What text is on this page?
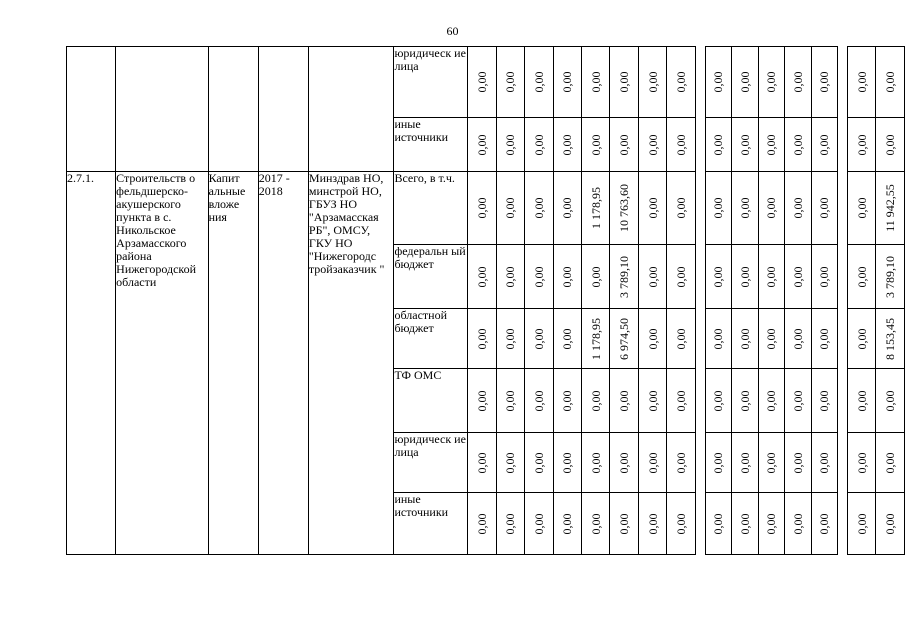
60
					юридическ ие лица	0,00	0,00	0,00	0,00	0,00	0,00	0,00	0,00		0,00	0,00	0,00	0,00	0,00		0,00	0,00

					иные источники	0,00	0,00	0,00	0,00	0,00	0,00	0,00	0,00		0,00	0,00	0,00	0,00	0,00		0,00	0,00

2.7.1.	Строительств о фельдшерско-акушерского пункта в с. Никольское Арзамасского района Нижегородской области	Капит альные вложе ния	2017 - 2018	Минздрав НО, минстрой НО, ГБУЗ НО "Арзамасская РБ", ОМСУ, ГКУ НО "Нижегородс тройзаказчик "	Всего, в т.ч.	0,00	0,00	0,00	0,00	1 178,95	10 763,60	0,00	0,00		0,00	0,00	0,00	0,00	0,00		0,00	11 942,55

					федеральн ый бюджет	0,00	0,00	0,00	0,00	0,00	3 789,10	0,00	0,00		0,00	0,00	0,00	0,00	0,00		0,00	3 789,10

					областной бюджет	0,00	0,00	0,00	0,00	1 178,95	6 974,50	0,00	0,00		0,00	0,00	0,00	0,00	0,00		0,00	8 153,45

					ТФ ОМС	0,00	0,00	0,00	0,00	0,00	0,00	0,00	0,00		0,00	0,00	0,00	0,00	0,00		0,00	0,00

					юридическ ие лица	0,00	0,00	0,00	0,00	0,00	0,00	0,00	0,00		0,00	0,00	0,00	0,00	0,00		0,00	0,00

					иные источники	0,00	0,00	0,00	0,00	0,00	0,00	0,00	0,00		0,00	0,00	0,00	0,00	0,00		0,00	0,00
